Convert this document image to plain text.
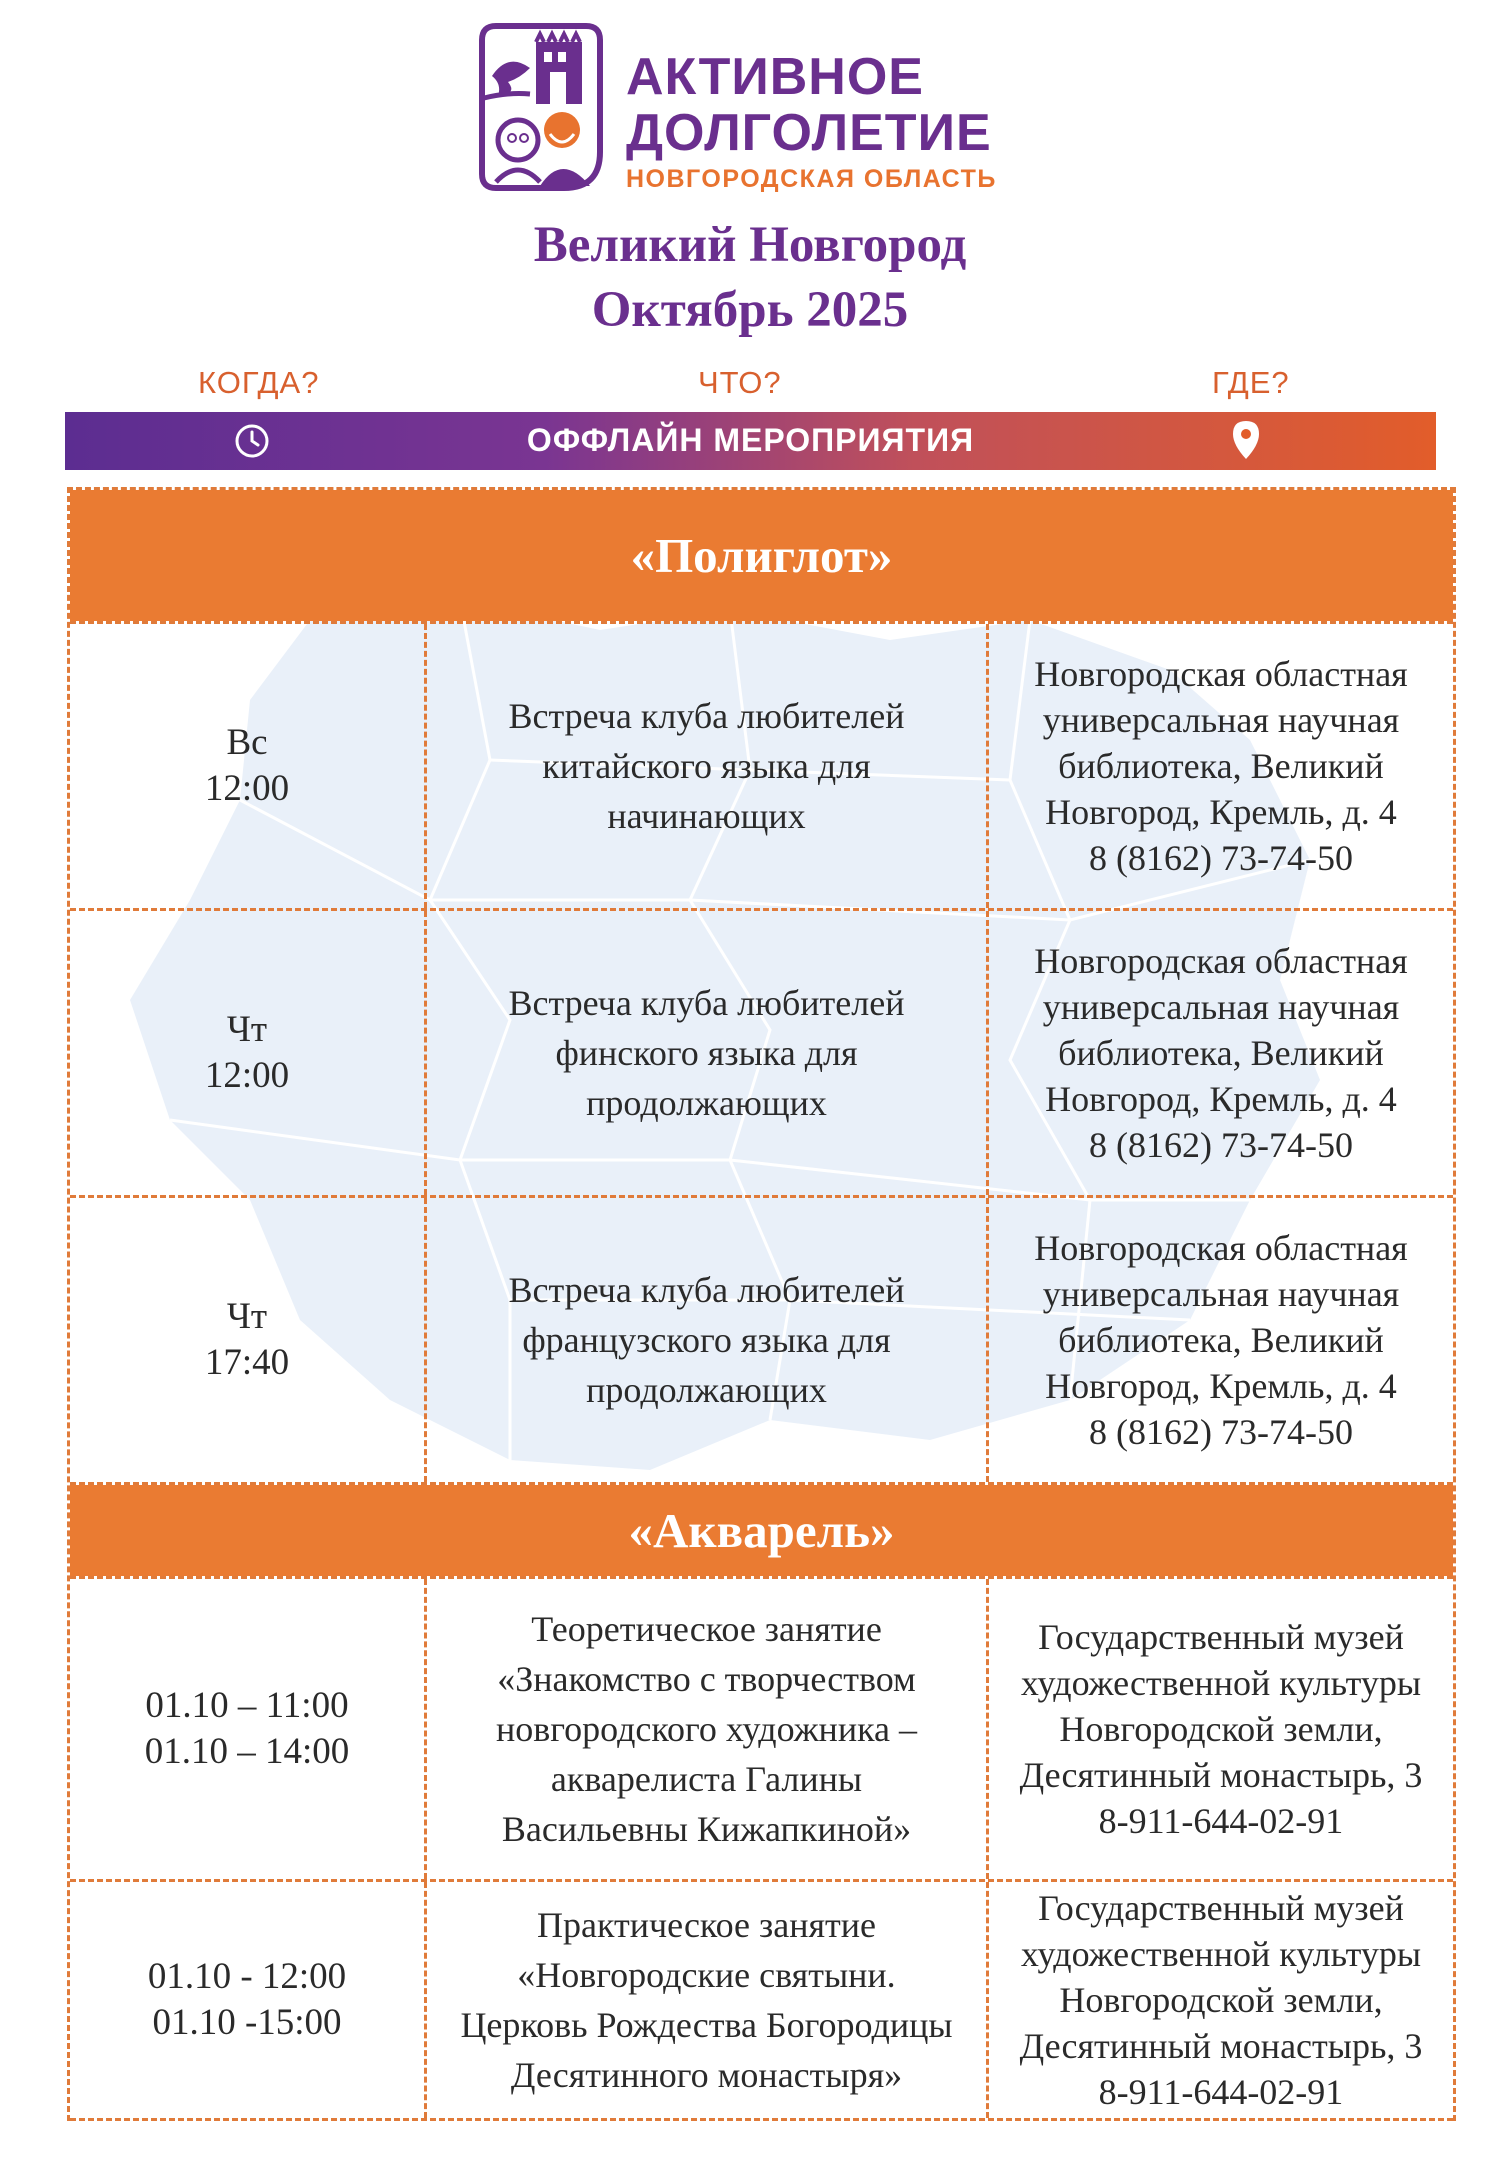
АКТИВНОЕ
ДОЛГОЛЕТИЕ
НОВГОРОДСКАЯ ОБЛАСТЬ
Великий Новгород
Октябрь 2025
КОГДА?	ЧТО?	ГДЕ?
ОФФЛАЙН МЕРОПРИЯТИЯ
«Полиглот»
Вс
12:00
Встреча клуба любителей
китайского языка для
начинающих
Новгородская областная
универсальная научная
библиотека, Великий
Новгород, Кремль, д. 4
8 (8162) 73-74-50
Чт
12:00
Встреча клуба любителей
финского языка для
продолжающих
Новгородская областная
универсальная научная
библиотека, Великий
Новгород, Кремль, д. 4
8 (8162) 73-74-50
Чт
17:40
Встреча клуба любителей
французского языка для
продолжающих
Новгородская областная
универсальная научная
библиотека, Великий
Новгород, Кремль, д. 4
8 (8162) 73-74-50
«Акварель»
01.10 – 11:00
01.10 – 14:00
Теоретическое занятие
«Знакомство с творчеством
новгородского художника –
акварелиста Галины
Васильевны Кижапкиной»
Государственный музей
художественной культуры
Новгородской земли,
Десятинный монастырь, 3
8-911-644-02-91
01.10 - 12:00
01.10 -15:00
Практическое занятие
«Новгородские святыни.
Церковь Рождества Богородицы
Десятинного монастыря»
Государственный музей
художественной культуры
Новгородской земли,
Десятинный монастырь, 3
8-911-644-02-91
